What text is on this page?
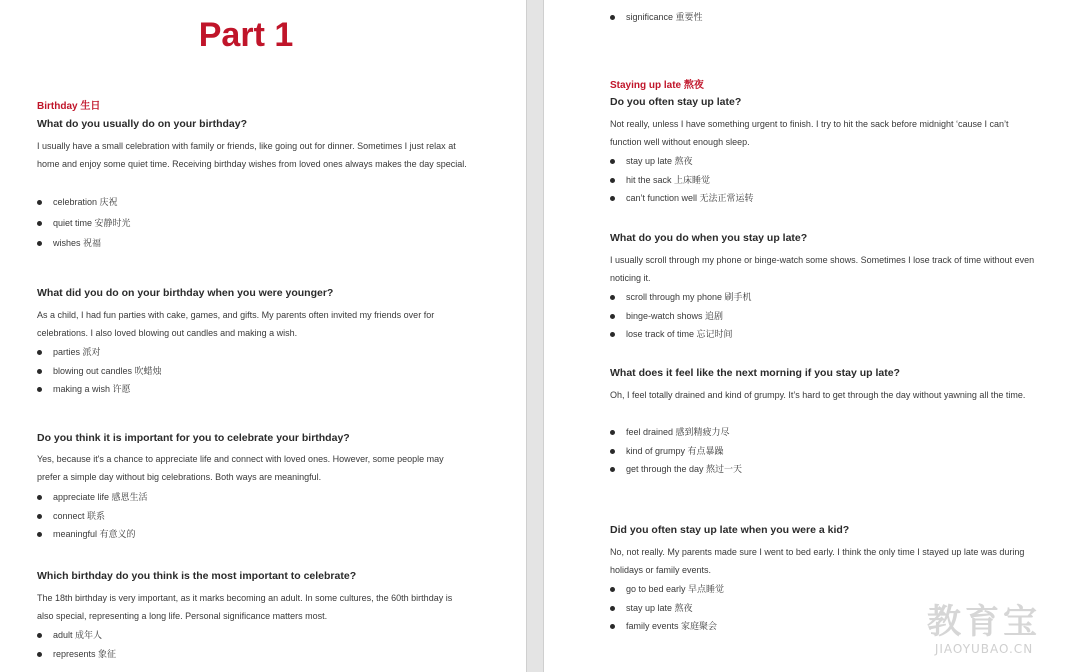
Part 1
Birthday 生日
What do you usually do on your birthday?

I usually have a small celebration with family or friends, like going out for dinner. Sometimes I just relax at home and enjoy some quiet time. Receiving birthday wishes from loved ones always makes the day special.

celebration 庆祝
quiet time 安静时光
wishes 祝福
What did you do on your birthday when you were younger?

As a child, I had fun parties with cake, games, and gifts. My parents often invited my friends over for celebrations. I also loved blowing out candles and making a wish.

parties 派对
blowing out candles 吹蜡烛
making a wish 许愿
Do you think it is important for you to celebrate your birthday?

Yes, because it's a chance to appreciate life and connect with loved ones. However, some people may prefer a simple day without big celebrations. Both ways are meaningful.

appreciate life 感恩生活
connect 联系
meaningful 有意义的
Which birthday do you think is the most important to celebrate?

The 18th birthday is very important, as it marks becoming an adult. In some cultures, the 60th birthday is also special, representing a long life. Personal significance matters most.

adult 成年人
represents 象征
significance 重要性
Staying up late 熬夜
Do you often stay up late?

Not really, unless I have something urgent to finish. I try to hit the sack before midnight ‘cause I can’t function well without enough sleep.

stay up late 熬夜
hit the sack 上床睡觉
can’t function well 无法正常运转
What do you do when you stay up late?

I usually scroll through my phone or binge-watch some shows. Sometimes I lose track of time without even noticing it.

scroll through my phone 刷手机
binge-watch shows 追剧
lose track of time 忘记时间
What does it feel like the next morning if you stay up late?

Oh, I feel totally drained and kind of grumpy. It’s hard to get through the day without yawning all the time.

feel drained 感到精疲力尽
kind of grumpy 有点暴躁
get through the day 熬过一天
Did you often stay up late when you were a kid?

No, not really. My parents made sure I went to bed early. I think the only time I stayed up late was during holidays or family events.

go to bed early 早点睡觉
stay up late 熬夜
family events 家庭聚会	教育宝
JIAOYUBAO.CN
